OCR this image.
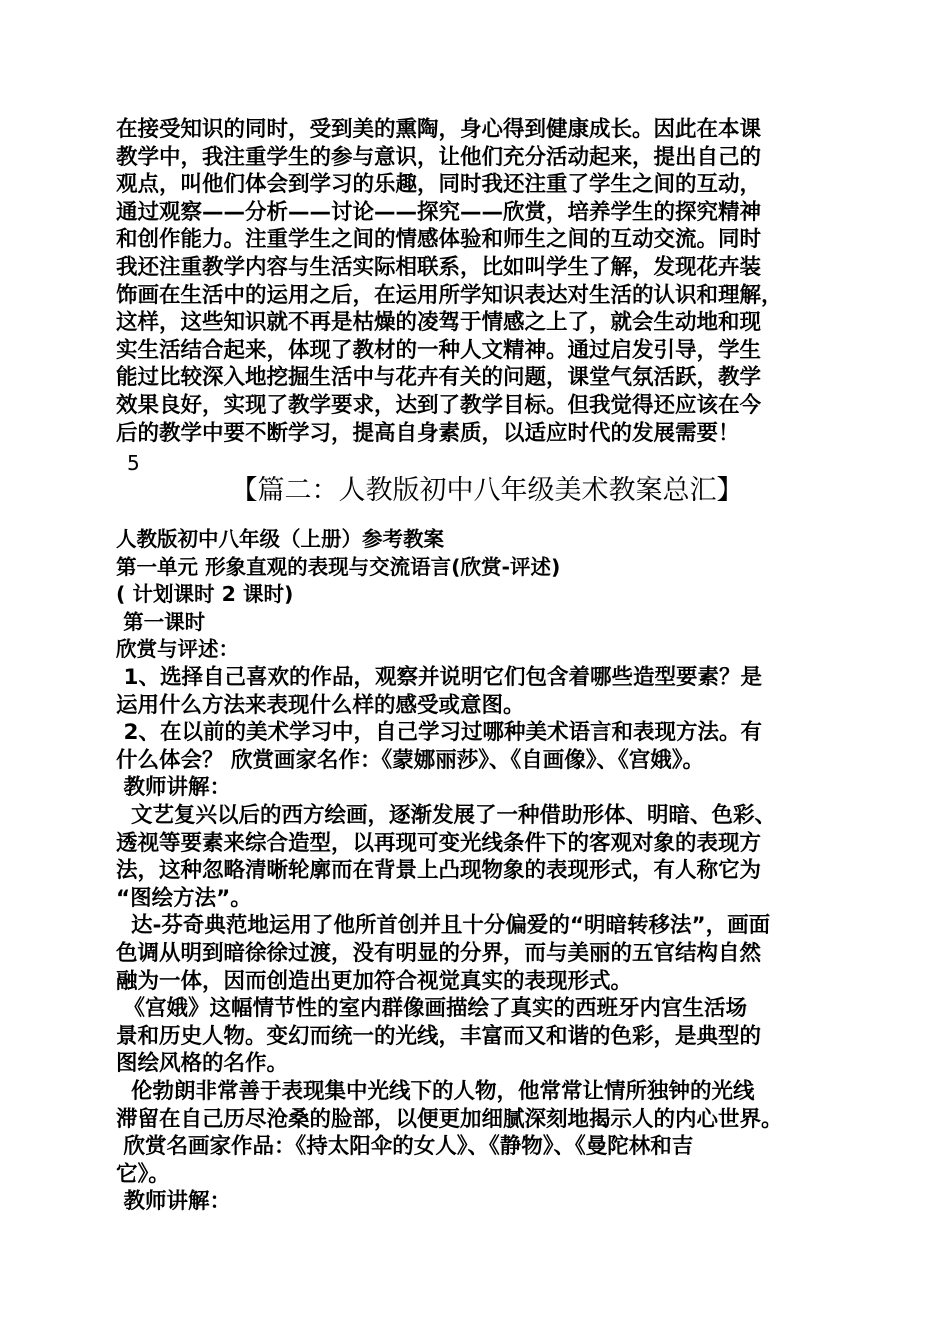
在接受知识的同时，受到美的熏陶，身心得到健康成长。因此在本课
教学中，我注重学生的参与意识，让他们充分活动起来，提出自己的
观点，叫他们体会到学习的乐趣，同时我还注重了学生之间的互动，
通过观察——分析——讨论——探究——欣赏，培养学生的探究精神
和创作能力。注重学生之间的情感体验和师生之间的互动交流。同时
我还注重教学内容与生活实际相联系，比如叫学生了解，发现花卉装
饰画在生活中的运用之后，在运用所学知识表达对生活的认识和理解，
这样，这些知识就不再是枯燥的凌驾于情感之上了，就会生动地和现
实生活结合起来，体现了教材的一种人文精神。通过启发引导，学生
能过比较深入地挖掘生活中与花卉有关的问题，课堂气氛活跃，教学
效果良好，实现了教学要求，达到了教学目标。但我觉得还应该在今
后的教学中要不断学习，提高自身素质，以适应时代的发展需要！
5
【篇二：人教版初中八年级美术教案总汇】
人教版初中八年级（上册）参考教案
第一单元 形象直观的表现与交流语言(欣赏-评述)
( 计划课时 2 课时)
第一课时
欣赏与评述：
1、选择自己喜欢的作品，观察并说明它们包含着哪些造型要素？是
运用什么方法来表现什么样的感受或意图。
2、在以前的美术学习中，自己学习过哪种美术语言和表现方法。有
什么体会？ 欣赏画家名作：《蒙娜丽莎》、《自画像》、《宫娥》。
教师讲解：
文艺复兴以后的西方绘画，逐渐发展了一种借助形体、明暗、色彩、
透视等要素来综合造型，以再现可变光线条件下的客观对象的表现方
法，这种忽略清晰轮廓而在背景上凸现物象的表现形式，有人称它为
“图绘方法”。
达-芬奇典范地运用了他所首创并且十分偏爱的“明暗转移法”，画面
色调从明到暗徐徐过渡，没有明显的分界，而与美丽的五官结构自然
融为一体，因而创造出更加符合视觉真实的表现形式。
《宫娥》这幅情节性的室内群像画描绘了真实的西班牙内宫生活场
景和历史人物。变幻而统一的光线，丰富而又和谐的色彩，是典型的
图绘风格的名作。
伦勃朗非常善于表现集中光线下的人物，他常常让情所独钟的光线
滞留在自己历尽沧桑的脸部，以便更加细腻深刻地揭示人的内心世界。
欣赏名画家作品：《持太阳伞的女人》、《静物》、《曼陀林和吉
它》。
教师讲解：
